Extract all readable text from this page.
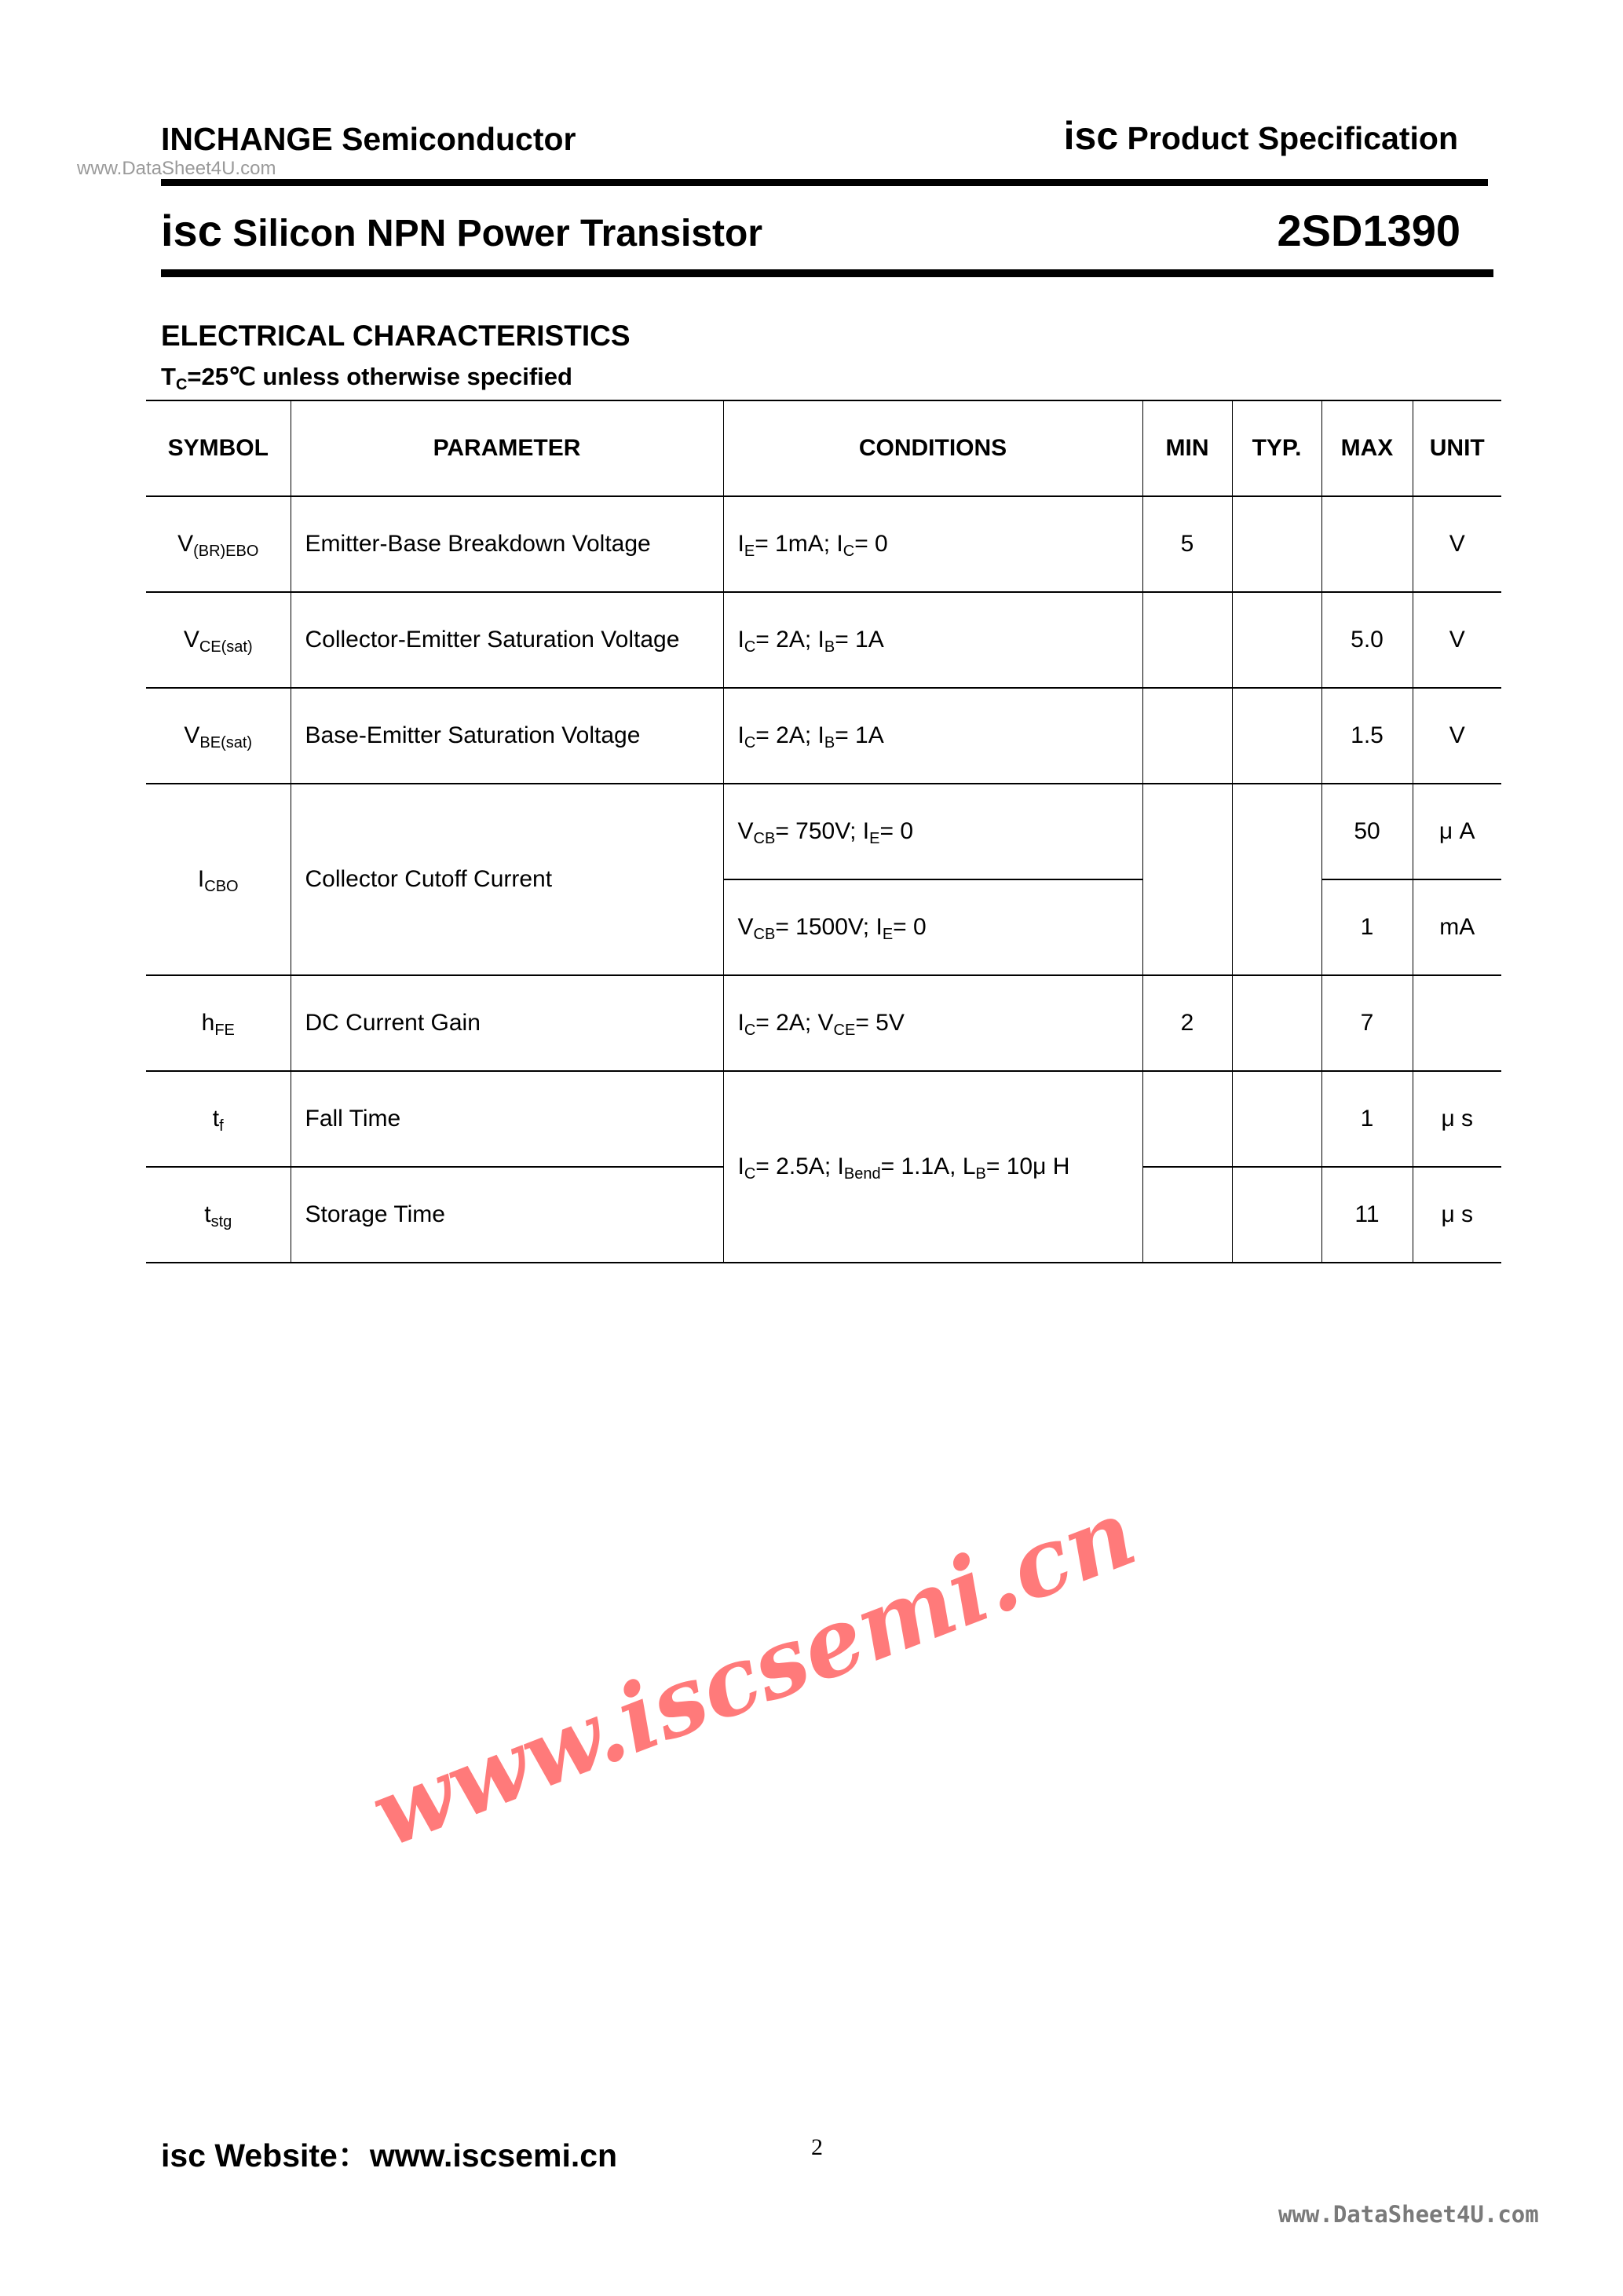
www.DataSheet4U.com
INCHANGE Semiconductor	isc Product Specification
isc Silicon NPN Power Transistor	2SD1390
ELECTRICAL CHARACTERISTICS
$T_C=25℃$ unless otherwise specified
SYMBOL	PARAMETER	CONDITIONS	MIN	TYP.	MAX	UNIT
$V_{(BR)EBO}$	Emitter-Base Breakdown Voltage	$I_E= 1mA$; $I_C= 0$	5			V
$V_{CE(sat)}$	Collector-Emitter Saturation Voltage	$I_C= 2A$; $I_B= 1A$			5.0	V
$V_{BE(sat)}$	Base-Emitter Saturation Voltage	$I_C= 2A$; $I_B= 1A$			1.5	V
$I_{CBO}$	Collector Cutoff Current	$V_{CB}= 750V$; $I_E= 0$			50	μ A
		$V_{CB}= 1500V$; $I_E= 0$			1	mA
$h_{FE}$	DC Current Gain	$I_C= 2A$; $V_{CE}= 5V$	2		7	
$t_f$	Fall Time	$I_C= 2.5A$; $I_{Bend}= 1.1A$, $L_B= 10\mu$ H			1	μ s
$t_{stg}$	Storage Time				11	μ s
www.iscsemi.cn
isc Website：www.iscsemi.cn	2
www.DataSheet4U.com
